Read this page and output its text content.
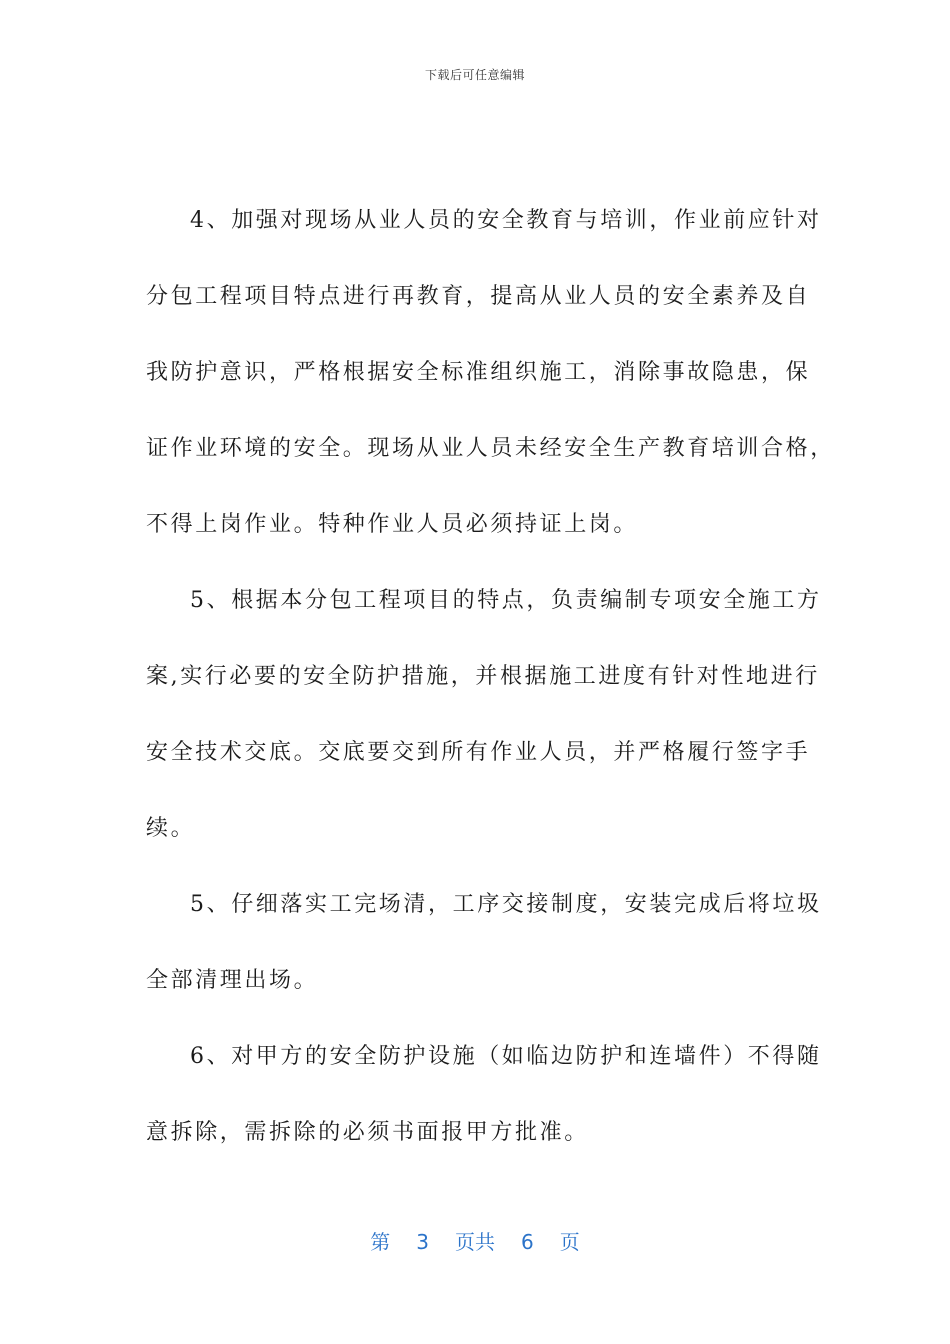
下载后可任意编辑
4、加强对现场从业人员的安全教育与培训，作业前应针对
分包工程项目特点进行再教育，提高从业人员的安全素养及自
我防护意识，严格根据安全标准组织施工，消除事故隐患，保
证作业环境的安全。现场从业人员未经安全生产教育培训合格，
不得上岗作业。特种作业人员必须持证上岗。
5、根据本分包工程项目的特点，负责编制专项安全施工方
案,实行必要的安全防护措施，并根据施工进度有针对性地进行
安全技术交底。交底要交到所有作业人员，并严格履行签字手
续。
5、仔细落实工完场清，工序交接制度，安装完成后将垃圾
全部清理出场。
6、对甲方的安全防护设施（如临边防护和连墙件）不得随
意拆除，需拆除的必须书面报甲方批准。
第 3 页共 6 页
